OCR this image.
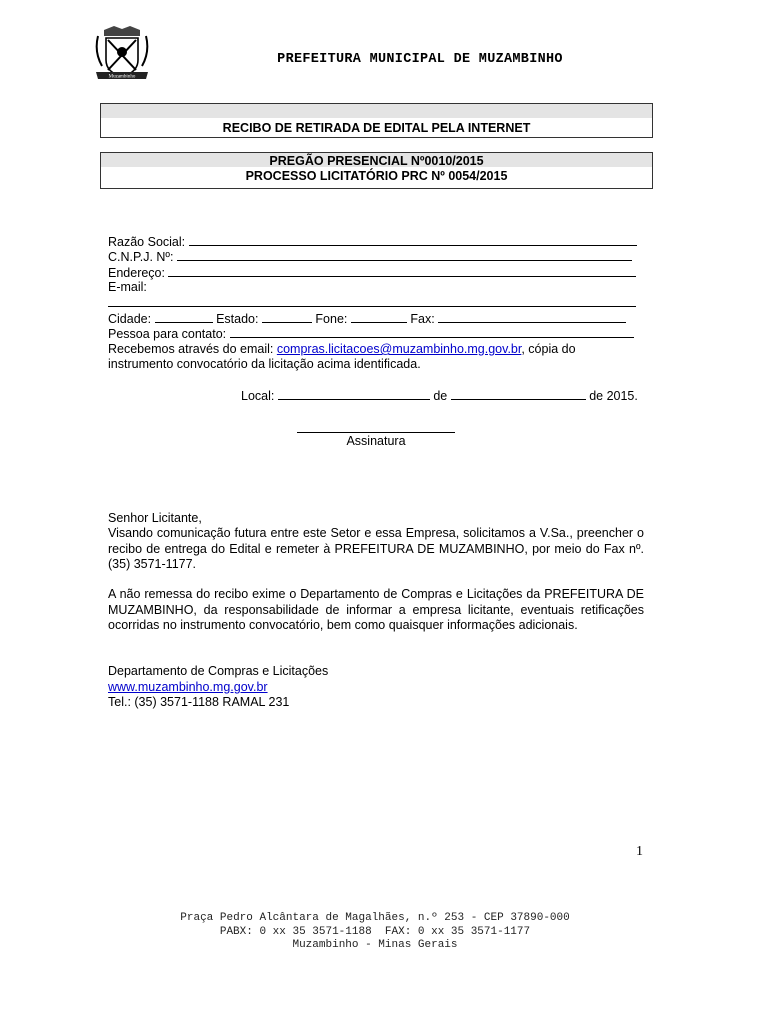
Muzambinho
PREFEITURA MUNICIPAL DE MUZAMBINHO
RECIBO DE RETIRADA DE EDITAL PELA INTERNET
PREGÃO PRESENCIAL Nº0010/2015
PROCESSO LICITATÓRIO PRC Nº 0054/2015
Razão Social:
C.N.P.J. Nº:
Endereço:
E-mail:
Cidade:	Estado:	Fone:	Fax:
Pessoa para contato:
Recebemos através do email: compras.licitacoes@muzambinho.mg.gov.br, cópia do
instrumento convocatório da licitação acima identificada.
Local:	de	de 2015.
Assinatura
Senhor Licitante,
Visando comunicação futura entre este Setor e essa Empresa, solicitamos a V.Sa., preencher o recibo de entrega do Edital e remeter à PREFEITURA DE MUZAMBINHO, por meio do Fax nº. (35) 3571-1177.
A não remessa do recibo exime o Departamento de Compras e Licitações da PREFEITURA DE MUZAMBINHO, da responsabilidade de informar a empresa licitante, eventuais retificações ocorridas no instrumento convocatório, bem como quaisquer informações adicionais.
Departamento de Compras e Licitações
www.muzambinho.mg.gov.br
Tel.: (35) 3571-1188 RAMAL 231
1
Praça Pedro Alcântara de Magalhães, n.º 253 - CEP 37890-000
PABX: 0 xx 35 3571-1188  FAX: 0 xx 35 3571-1177
Muzambinho - Minas Gerais
